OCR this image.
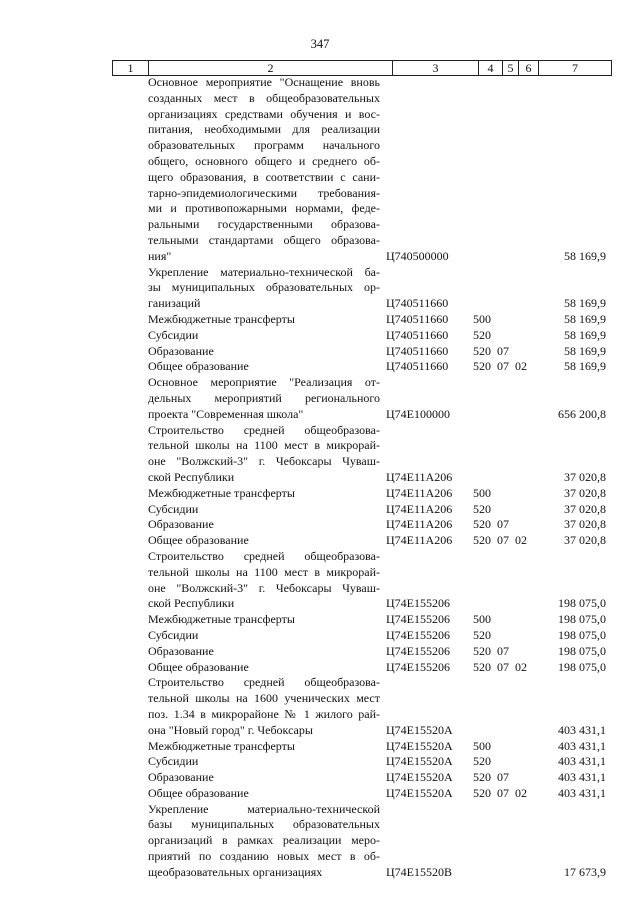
347
1	2	3	4	5	6	7
Основное мероприятие "Оснащение вновь
созданных мест в общеобразовательных
организациях средствами обучения и вос-
питания, необходимыми для реализации
образовательных программ начального
общего, основного общего и среднего об-
щего образования, в соответствии с сани-
тарно-эпидемиологическими требования-
ми и противопожарными нормами, феде-
ральными государственными образова-
тельными стандартами общего образова-
ния"	Ц740500000	58 169,9
Укрепление материально-технической ба-
зы муниципальных образовательных ор-
ганизаций	Ц740511660	58 169,9
Межбюджетные трансферты	Ц740511660 500	58 169,9
Субсидии	Ц740511660 520	58 169,9
Образование	Ц740511660 520 07	58 169,9
Общее образование	Ц740511660 520 07 02	58 169,9
Основное мероприятие "Реализация от-
дельных мероприятий регионального
проекта "Современная школа"	Ц74Е100000	656 200,8
Строительство средней общеобразова-
тельной школы на 1100 мест в микрорай-
оне "Волжский-3" г. Чебоксары Чуваш-
ской Республики	Ц74Е11А206	37 020,8
Межбюджетные трансферты	Ц74Е11А206 500	37 020,8
Субсидии	Ц74Е11А206 520	37 020,8
Образование	Ц74Е11А206 520 07	37 020,8
Общее образование	Ц74Е11А206 520 07 02	37 020,8
Строительство средней общеобразова-
тельной школы на 1100 мест в микрорай-
оне "Волжский-3" г. Чебоксары Чуваш-
ской Республики	Ц74Е155206	198 075,0
Межбюджетные трансферты	Ц74Е155206 500	198 075,0
Субсидии	Ц74Е155206 520	198 075,0
Образование	Ц74Е155206 520 07	198 075,0
Общее образование	Ц74Е155206 520 07 02	198 075,0
Строительство средней общеобразова-
тельной школы на 1600 ученических мест
поз. 1.34 в микрорайоне № 1 жилого рай-
она "Новый город" г. Чебоксары	Ц74Е15520А	403 431,1
Межбюджетные трансферты	Ц74Е15520А 500	403 431,1
Субсидии	Ц74Е15520А 520	403 431,1
Образование	Ц74Е15520А 520 07	403 431,1
Общее образование	Ц74Е15520А 520 07 02	403 431,1
Укрепление материально-технической
базы муниципальных образовательных
организаций в рамках реализации меро-
приятий по созданию новых мест в об-
щеобразовательных организациях	Ц74Е15520В	17 673,9
